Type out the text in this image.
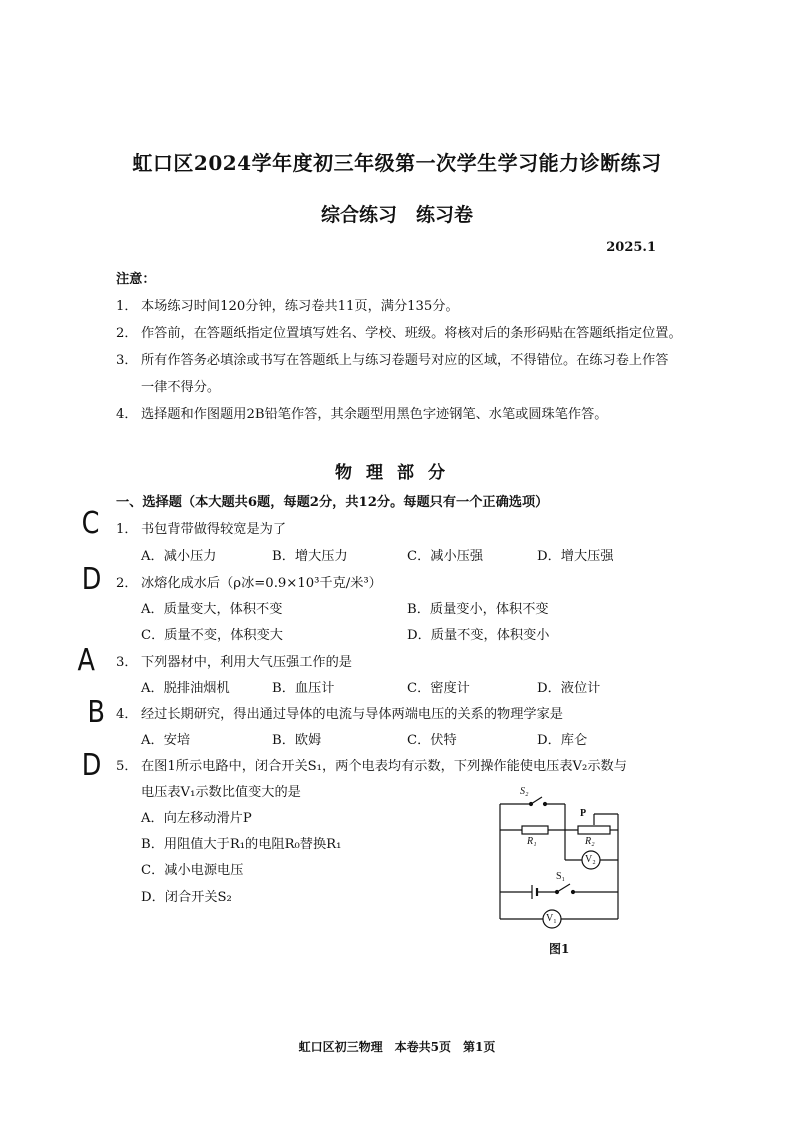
虹口区2024学年度初三年级第一次学生学习能力诊断练习
综合练习　练习卷
2025.1
注意：
1． 本场练习时间120分钟，练习卷共11页，满分135分。
2． 作答前，在答题纸指定位置填写姓名、学校、班级。将核对后的条形码贴在答题纸指定位置。
3． 所有作答务必填涂或书写在答题纸上与练习卷题号对应的区域，不得错位。在练习卷上作答
一律不得分。
4． 选择题和作图题用2B铅笔作答，其余题型用黑色字迹钢笔、水笔或圆珠笔作答。
物理部分
一、选择题（本大题共6题，每题2分，共12分。每题只有一个正确选项）
C
D
A
B
D
1． 书包背带做得较宽是为了
A．减小压力	B．增大压力	C．减小压强	D．增大压强
2． 冰熔化成水后（ρ冰=0.9×10³千克/米³）
A．质量变大，体积不变	B．质量变小，体积不变
C．质量不变，体积变大	D．质量不变，体积变小
3． 下列器材中，利用大气压强工作的是
A．脱排油烟机	B．血压计	C．密度计	D．液位计
4． 经过长期研究，得出通过导体的电流与导体两端电压的关系的物理学家是
A．安培	B．欧姆	C．伏特	D．库仑
5． 在图1所示电路中，闭合开关S₁，两个电表均有示数，下列操作能使电压表V₂示数与
电压表V₁示数比值变大的是
A．向左移动滑片P
B．用阻值大于R₁的电阻R₀替换R₁
C．减小电源电压
D．闭合开关S₂
S₂
P
R₁	R₂
V₂
S₁
V₁
图1
虹口区初三物理　本卷共5页　第1页
